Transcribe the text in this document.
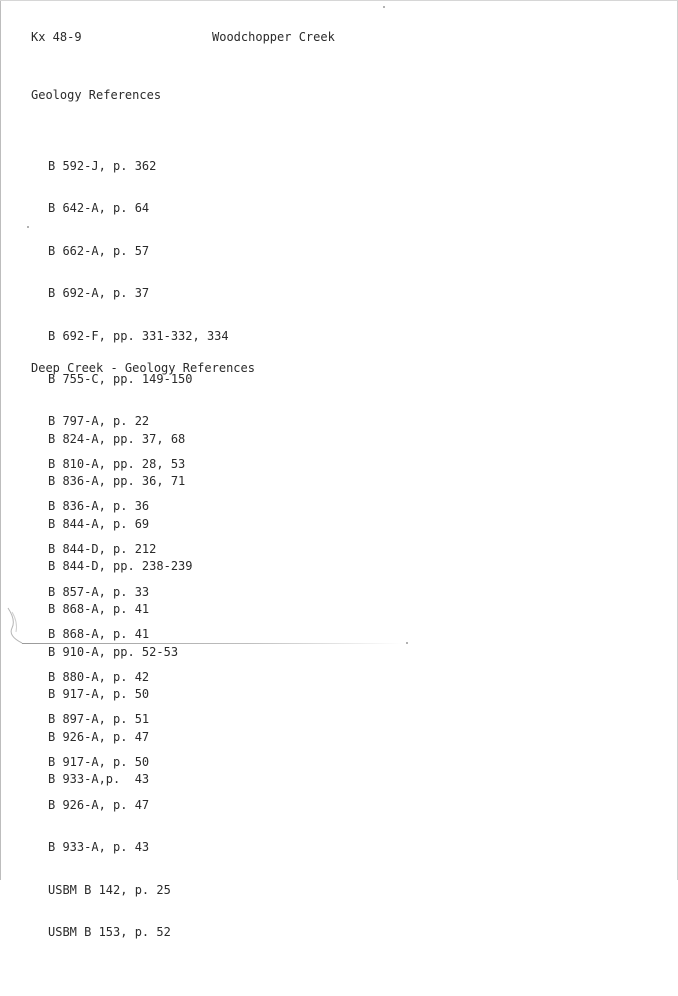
Kx 48-9	Woodchopper Creek

Geology References

B 592-J, p. 362

B 642-A, p. 64

B 662-A, p. 57

B 692-A, p. 37

B 692-F, pp. 331-332, 334

B 755-C, pp. 149-150

B 797-A, p. 22

B 810-A, pp. 28, 53

B 836-A, p. 36

B 844-D, p. 212

B 857-A, p. 33

B 868-A, p. 41

B 880-A, p. 42

B 897-A, p. 51

B 917-A, p. 50

B 926-A, p. 47

B 933-A, p. 43

USBM B 142, p. 25

USBM B 153, p. 52

Deep Creek - Geology References

B 824-A, pp. 37, 68

B 836-A, pp. 36, 71

B 844-A, p. 69

B 844-D, pp. 238-239

B 868-A, p. 41

B 910-A, pp. 52-53

B 917-A, p. 50

B 926-A, p. 47

B 933-A,p.  43
